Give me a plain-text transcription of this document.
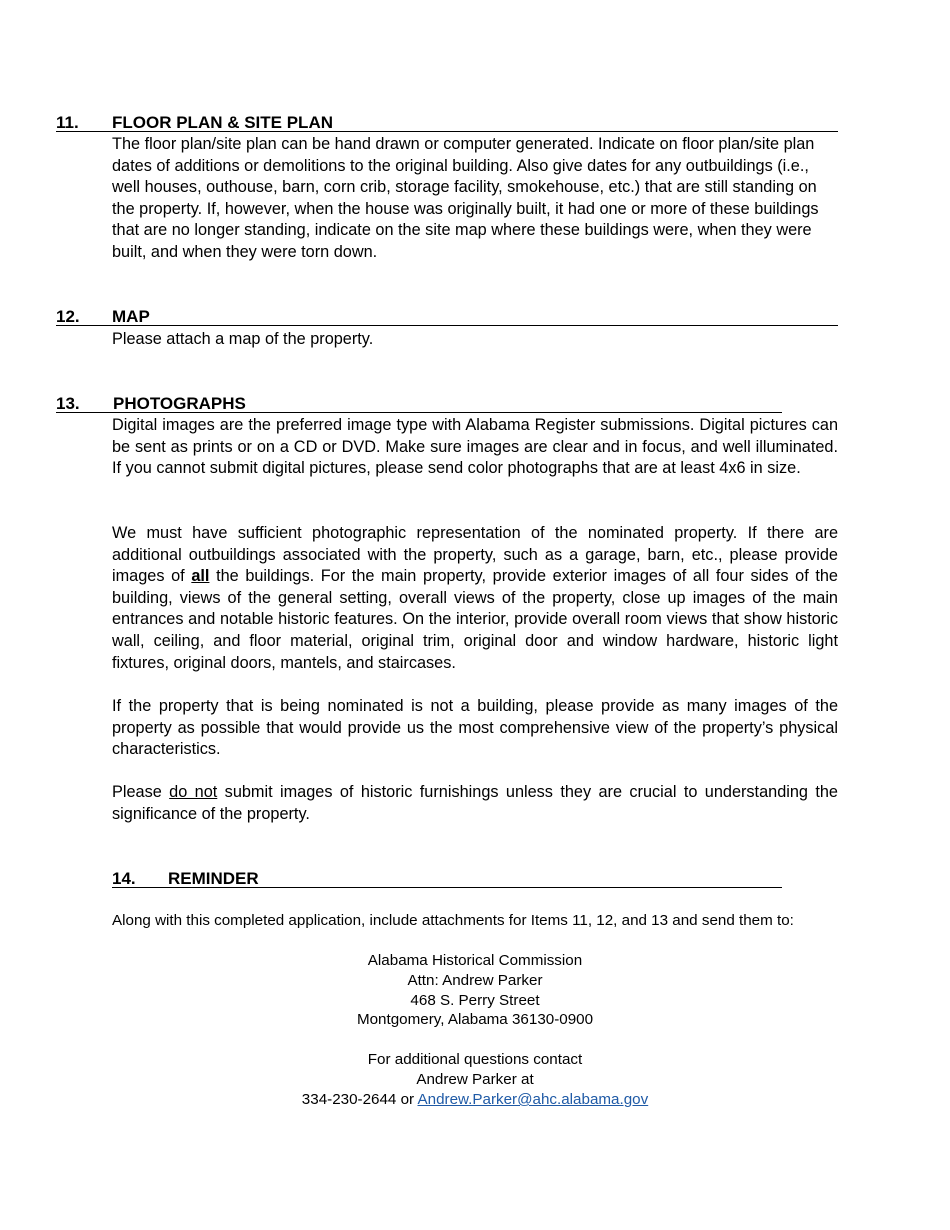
11. FLOOR PLAN & SITE PLAN
The floor plan/site plan can be hand drawn or computer generated. Indicate on floor plan/site plan dates of additions or demolitions to the original building. Also give dates for any outbuildings (i.e., well houses, outhouse, barn, corn crib, storage facility, smokehouse, etc.) that are still standing on the property. If, however, when the house was originally built, it had one or more of these buildings that are no longer standing, indicate on the site map where these buildings were, when they were built, and when they were torn down.
12. MAP
Please attach a map of the property.
13. PHOTOGRAPHS
Digital images are the preferred image type with Alabama Register submissions. Digital pictures can be sent as prints or on a CD or DVD. Make sure images are clear and in focus, and well illuminated. If you cannot submit digital pictures, please send color photographs that are at least 4x6 in size.
We must have sufficient photographic representation of the nominated property. If there are additional outbuildings associated with the property, such as a garage, barn, etc., please provide images of all the buildings. For the main property, provide exterior images of all four sides of the building, views of the general setting, overall views of the property, close up images of the main entrances and notable historic features. On the interior, provide overall room views that show historic wall, ceiling, and floor material, original trim, original door and window hardware, historic light fixtures, original doors, mantels, and staircases.
If the property that is being nominated is not a building, please provide as many images of the property as possible that would provide us the most comprehensive view of the property’s physical characteristics.
Please do not submit images of historic furnishings unless they are crucial to understanding the significance of the property.
14. REMINDER
Along with this completed application, include attachments for Items 11, 12, and 13 and send them to:
Alabama Historical Commission
Attn: Andrew Parker
468 S. Perry Street
Montgomery, Alabama 36130-0900
For additional questions contact
Andrew Parker at
334-230-2644 or Andrew.Parker@ahc.alabama.gov
